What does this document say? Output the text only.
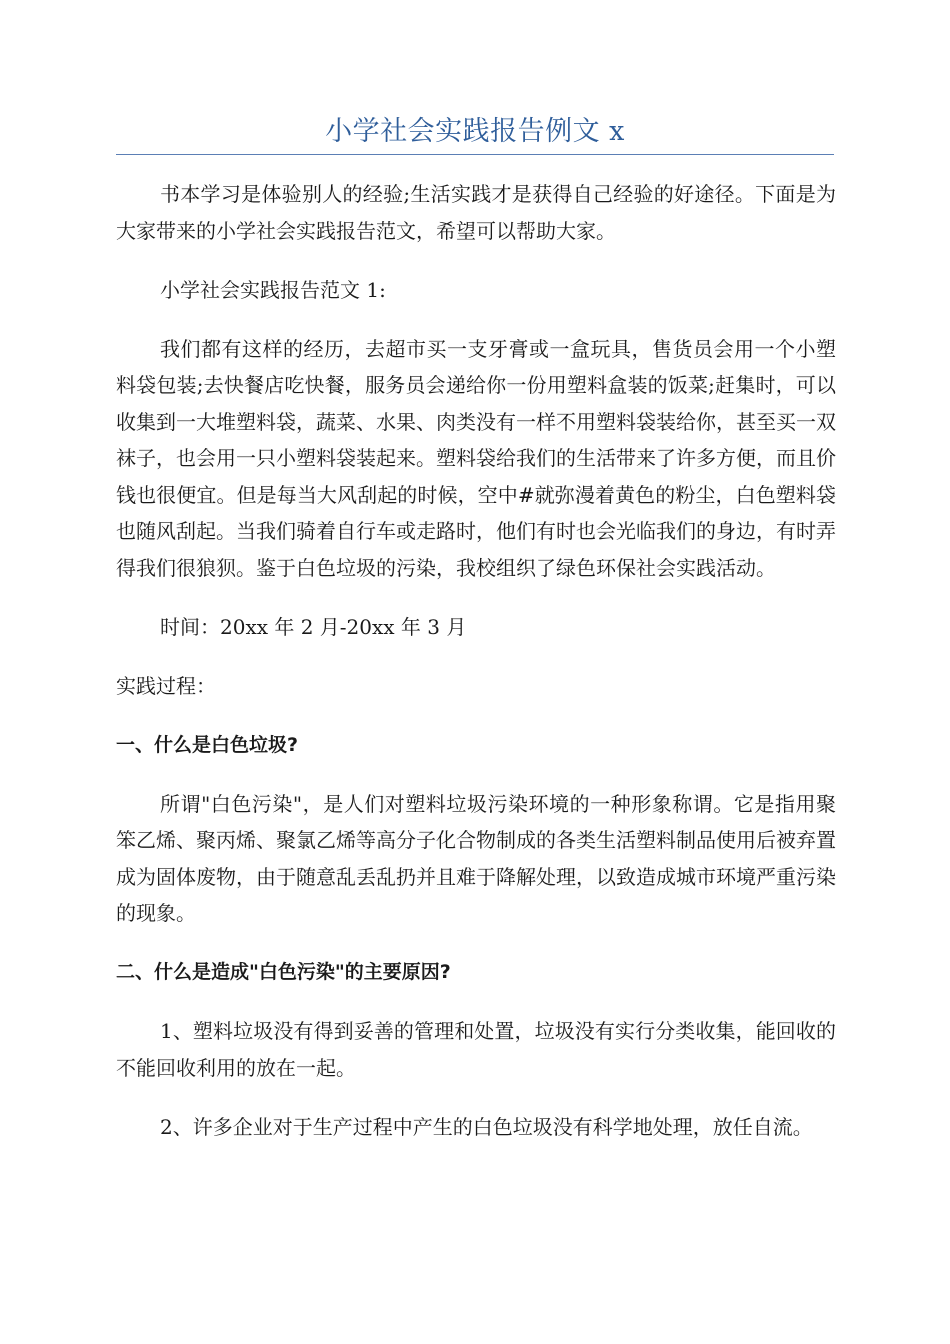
小学社会实践报告例文 x

书本学习是体验别人的经验;生活实践才是获得自己经验的好途径。下面是为大家带来的小学社会实践报告范文，希望可以帮助大家。

小学社会实践报告范文 1:

我们都有这样的经历，去超市买一支牙膏或一盒玩具，售货员会用一个小塑料袋包装;去快餐店吃快餐，服务员会递给你一份用塑料盒装的饭菜;赶集时，可以收集到一大堆塑料袋，蔬菜、水果、肉类没有一样不用塑料袋装给你，甚至买一双袜子，也会用一只小塑料袋装起来。塑料袋给我们的生活带来了许多方便，而且价钱也很便宜。但是每当大风刮起的时候，空中#就弥漫着黄色的粉尘，白色塑料袋也随风刮起。当我们骑着自行车或走路时，他们有时也会光临我们的身边，有时弄得我们很狼狈。鉴于白色垃圾的污染，我校组织了绿色环保社会实践活动。

时间：20xx 年 2 月-20xx 年 3 月

实践过程：

一、什么是白色垃圾?

所谓"白色污染"，是人们对塑料垃圾污染环境的一种形象称谓。它是指用聚笨乙烯、聚丙烯、聚氯乙烯等高分子化合物制成的各类生活塑料制品使用后被弃置成为固体废物，由于随意乱丢乱扔并且难于降解处理，以致造成城市环境严重污染的现象。

二、什么是造成"白色污染"的主要原因?

1、塑料垃圾没有得到妥善的管理和处置，垃圾没有实行分类收集，能回收的不能回收利用的放在一起。

2、许多企业对于生产过程中产生的白色垃圾没有科学地处理，放任自流。
